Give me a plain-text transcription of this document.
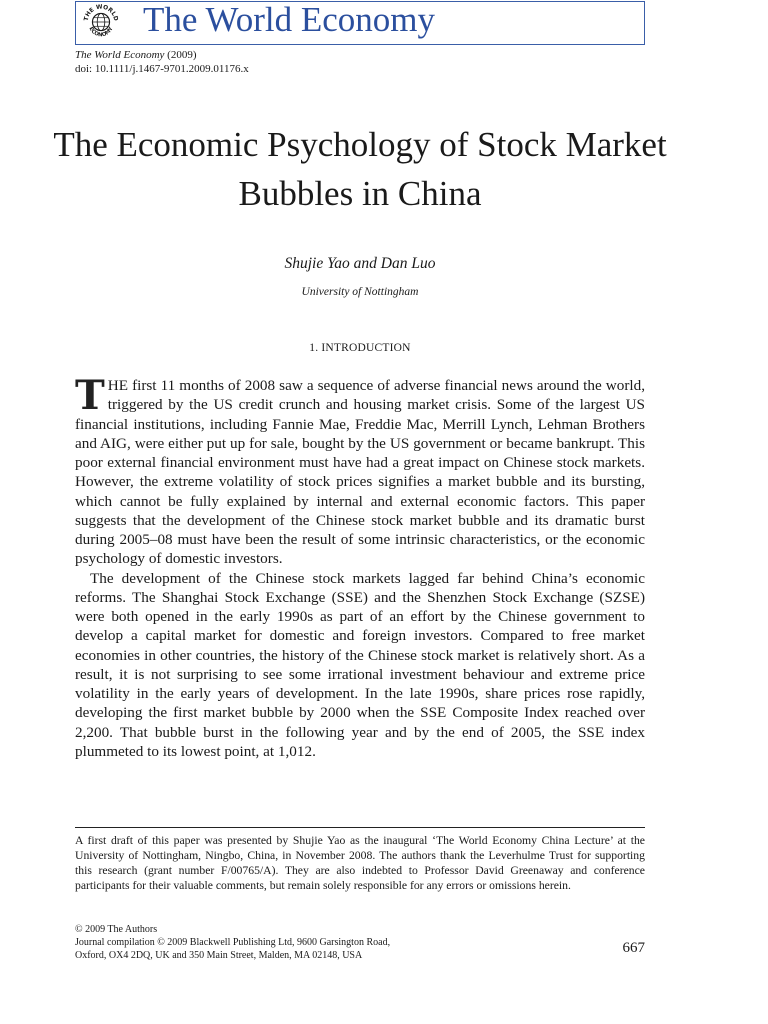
THE WORLD
ECONOMY The World Economy
The World Economy (2009)
doi: 10.1111/j.1467-9701.2009.01176.x
The Economic Psychology of Stock Market Bubbles in China
Shujie Yao and Dan Luo
University of Nottingham
1. INTRODUCTION

THE first 11 months of 2008 saw a sequence of adverse financial news around the world, triggered by the US credit crunch and housing market crisis. Some of the largest US financial institutions, including Fannie Mae, Freddie Mac, Merrill Lynch, Lehman Brothers and AIG, were either put up for sale, bought by the US government or became bankrupt. This poor external financial environment must have had a great impact on Chinese stock markets. However, the extreme volatility of stock prices signifies a market bubble and its bursting, which cannot be fully explained by internal and external economic factors. This paper suggests that the development of the Chinese stock market bubble and its dramatic burst during 2005–08 must have been the result of some intrinsic characteristics, or the economic psychology of domestic investors.

The development of the Chinese stock markets lagged far behind China’s economic reforms. The Shanghai Stock Exchange (SSE) and the Shenzhen Stock Exchange (SZSE) were both opened in the early 1990s as part of an effort by the Chinese government to develop a capital market for domestic and foreign investors. Compared to free market economies in other countries, the history of the Chinese stock market is relatively short. As a result, it is not surprising to see some irrational investment behaviour and extreme price volatility in the early years of development. In the late 1990s, share prices rose rapidly, developing the first market bubble by 2000 when the SSE Composite Index reached over 2,200. That bubble burst in the following year and by the end of 2005, the SSE index plummeted to its lowest point, at 1,012.

A first draft of this paper was presented by Shujie Yao as the inaugural ‘The World Economy China Lecture’ at the University of Nottingham, Ningbo, China, in November 2008. The authors thank the Leverhulme Trust for supporting this research (grant number F/00765/A). They are also indebted to Professor David Greenaway and conference participants for their valuable comments, but remain solely responsible for any errors or omissions herein.
© 2009 The Authors
Journal compilation © 2009 Blackwell Publishing Ltd, 9600 Garsington Road,
Oxford, OX4 2DQ, UK and 350 Main Street, Malden, MA 02148, USA	667
